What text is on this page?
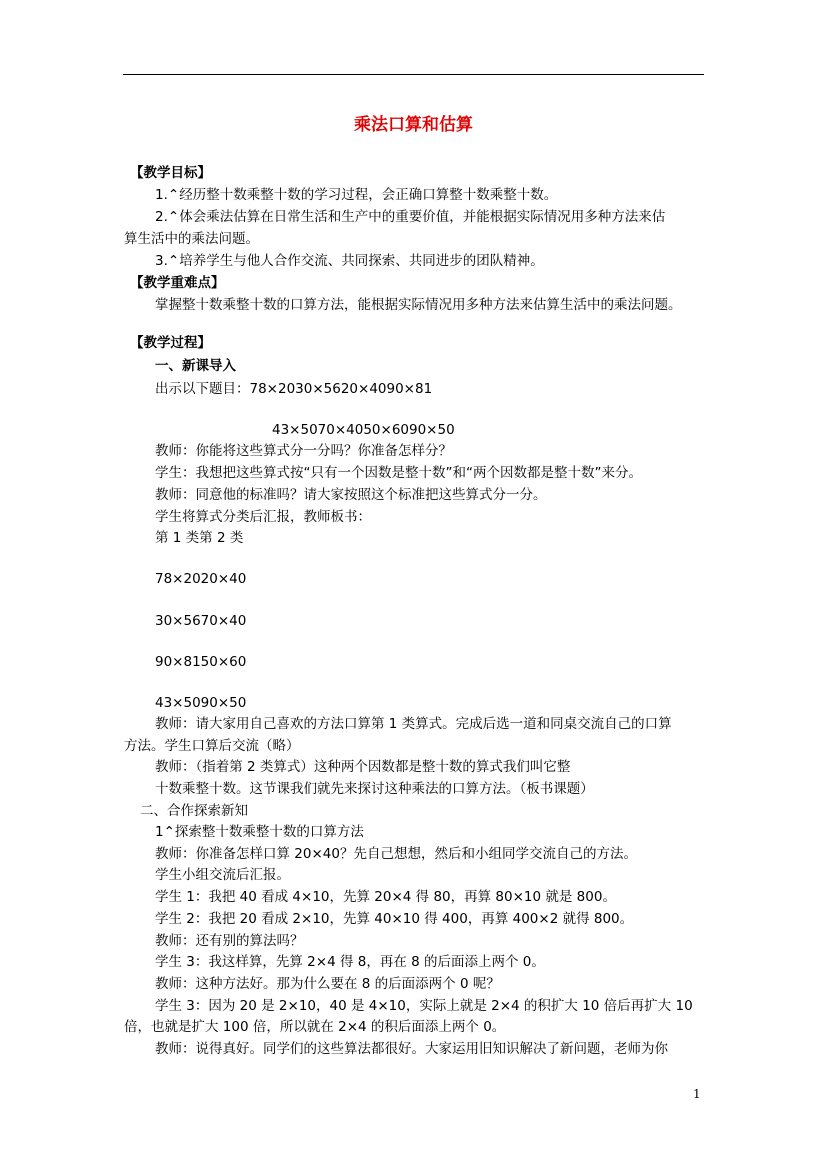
乘法口算和估算
【教学目标】
1.⌃经历整十数乘整十数的学习过程，会正确口算整十数乘整十数。
2.⌃体会乘法估算在日常生活和生产中的重要价值，并能根据实际情况用多种方法来估
算生活中的乘法问题。
3.⌃培养学生与他人合作交流、共同探索、共同进步的团队精神。
【教学重难点】
掌握整十数乘整十数的口算方法，能根据实际情况用多种方法来估算生活中的乘法问题。
【教学过程】
一、新课导入
出示以下题目：78×2030×5620×4090×81
43×5070×4050×6090×50
教师：你能将这些算式分一分吗？你准备怎样分？
学生：我想把这些算式按“只有一个因数是整十数”和“两个因数都是整十数”来分。
教师：同意他的标准吗？请大家按照这个标准把这些算式分一分。
学生将算式分类后汇报，教师板书：
第 1 类第 2 类
78×2020×40
30×5670×40
90×8150×60
43×5090×50
教师：请大家用自己喜欢的方法口算第 1 类算式。完成后选一道和同桌交流自己的口算
方法。学生口算后交流（略）
教师：（指着第 2 类算式）这种两个因数都是整十数的算式我们叫它整
十数乘整十数。这节课我们就先来探讨这种乘法的口算方法。（板书课题）
二、合作探索新知
1⌃探索整十数乘整十数的口算方法
教师：你准备怎样口算 20×40？先自己想想，然后和小组同学交流自己的方法。
学生小组交流后汇报。
学生 1：我把 40 看成 4×10，先算 20×4 得 80，再算 80×10 就是 800。
学生 2：我把 20 看成 2×10，先算 40×10 得 400，再算 400×2 就得 800。
教师：还有别的算法吗？
学生 3：我这样算，先算 2×4 得 8，再在 8 的后面添上两个 0。
教师：这种方法好。那为什么要在 8 的后面添两个 0 呢？
学生 3：因为 20 是 2×10，40 是 4×10，实际上就是 2×4 的积扩大 10 倍后再扩大 10
倍，也就是扩大 100 倍，所以就在 2×4 的积后面添上两个 0。
教师：说得真好。同学们的这些算法都很好。大家运用旧知识解决了新问题，老师为你
1
